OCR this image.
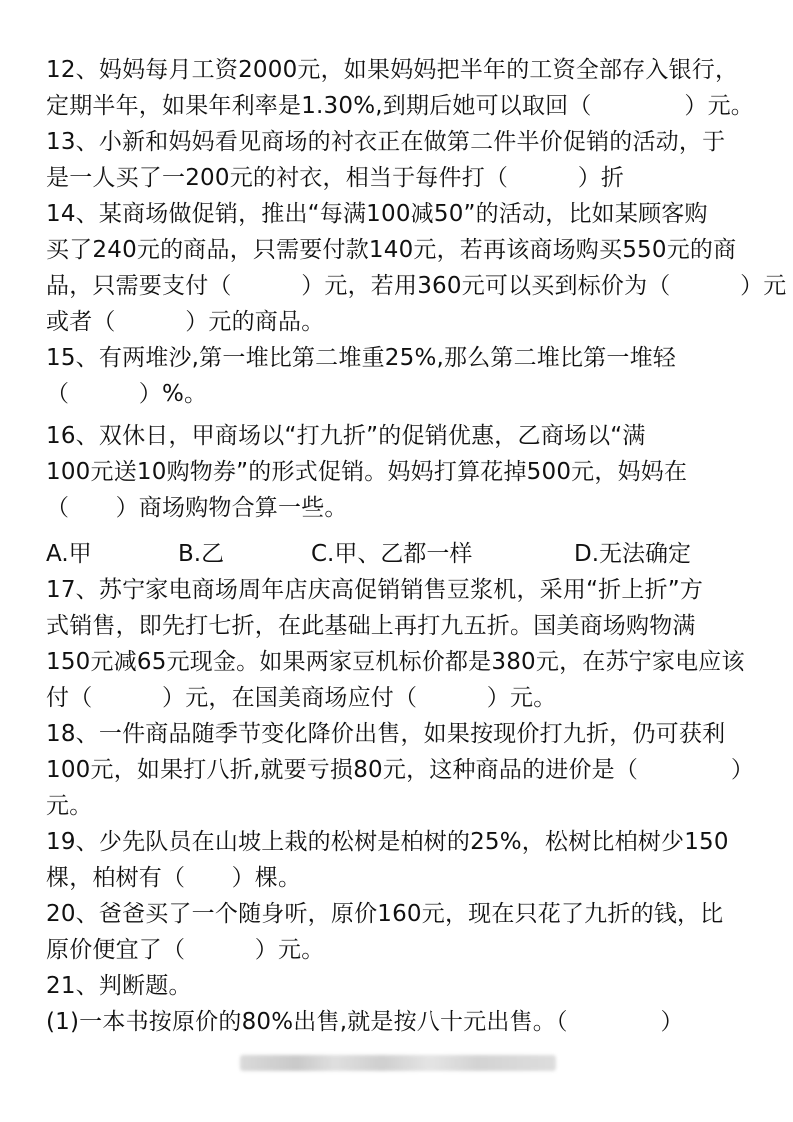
12、妈妈每月工资2000元，如果妈妈把半年的工资全部存入银行，
定期半年，如果年利率是1.30%,到期后她可以取回（　　　　）元。
13、小新和妈妈看见商场的衬衣正在做第二件半价促销的活动，于
是一人买了一200元的衬衣，相当于每件打（　　　）折
14、某商场做促销，推出“每满100减50”的活动，比如某顾客购
买了240元的商品，只需要付款140元，若再该商场购买550元的商
品，只需要支付（　　　）元，若用360元可以买到标价为（　　　）元
或者（　　　）元的商品。
15、有两堆沙,第一堆比第二堆重25%,那么第二堆比第一堆轻
（　　　）%。
16、双休日，甲商场以“打九折”的促销优惠，乙商场以“满
100元送10购物券”的形式促销。妈妈打算花掉500元，妈妈在
（　　）商场购物合算一些。
A.甲	B.乙	C.甲、乙都一样	D.无法确定
17、苏宁家电商场周年店庆高促销销售豆浆机，采用“折上折”方
式销售，即先打七折，在此基础上再打九五折。国美商场购物满
150元减65元现金。如果两家豆机标价都是380元，在苏宁家电应该
付（　　　）元，在国美商场应付（　　　）元。
18、一件商品随季节变化降价出售，如果按现价打九折，仍可获利
100元，如果打八折,就要亏损80元，这种商品的进价是（　　　　）
元。
19、少先队员在山坡上栽的松树是柏树的25%，松树比柏树少150
棵，柏树有（　　）棵。
20、爸爸买了一个随身听，原价160元，现在只花了九折的钱，比
原价便宜了（　　　）元。
21、判断题。
(1)一本书按原价的80%出售,就是按八十元出售。（　　　　）
